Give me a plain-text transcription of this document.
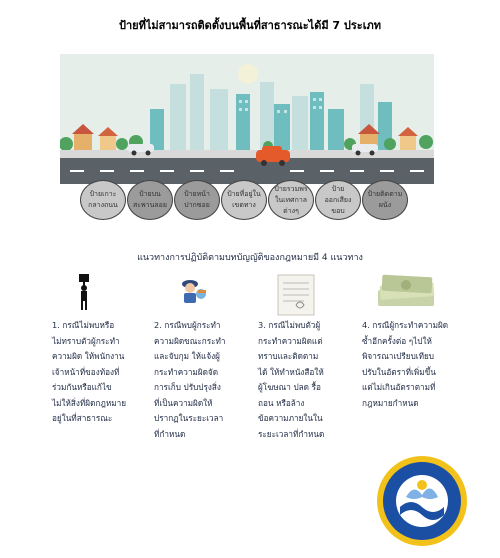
ป้ายที่ไม่สามารถติดตั้งบนพื้นที่สาธารณะได้มี 7 ประเภท
ป้ายเกาะ
กลางถนน
ป้ายบน
สะพานลอย
ป้ายหน้า
ปากซอย
ป้ายที่อยู่ใน
เขตทาง
ป้ายรวมพร
ในเทศกาล
ต่างๆ
ป้าย
ออกเสียง
ขอบ
ป้ายติดตาม
ผนัง
แนวทางการปฏิบัติตามบทบัญญัติของกฎหมายมี 4 แนวทาง
1. กรณีไม่พบหรือ
ไม่ทราบตัวผู้กระทำ
ความผิด ให้พนักงาน
เจ้าหน้าที่ของท้องที่
ร่วมกันหรือแก้ไข
ไม่ให้สิ่งที่ผิดกฎหมาย
อยู่ในที่สาธารณะ
2. กรณีพบผู้กระทำ
ความผิดขณะกระทำ
และจับกุม ให้แจ้งผู้
กระทำความผิดจัด
การเก็บ ปรับปรุงสิ่ง
ที่เป็นความผิดให้
ปรากฏในระยะเวลา
ที่กำหนด
3. กรณีไม่พบตัวผู้
กระทำความผิดแต่
ทราบและติดตาม
ได้ ให้ทำหนังสือให้
ผู้โฆษณา ปลด รื้อ
ถอน หรือล้าง
ข้อความภายในใน
ระยะเวลาที่กำหนด
4. กรณีผู้กระทำความผิด
ซ้ำอีกครั้งต่อ ๆไปให้
พิจารณาเปรียบเทียบ
ปรับในอัตราที่เพิ่มขึ้น
แต่ไม่เกินอัตราตามที่
กฎหมายกำหนด
